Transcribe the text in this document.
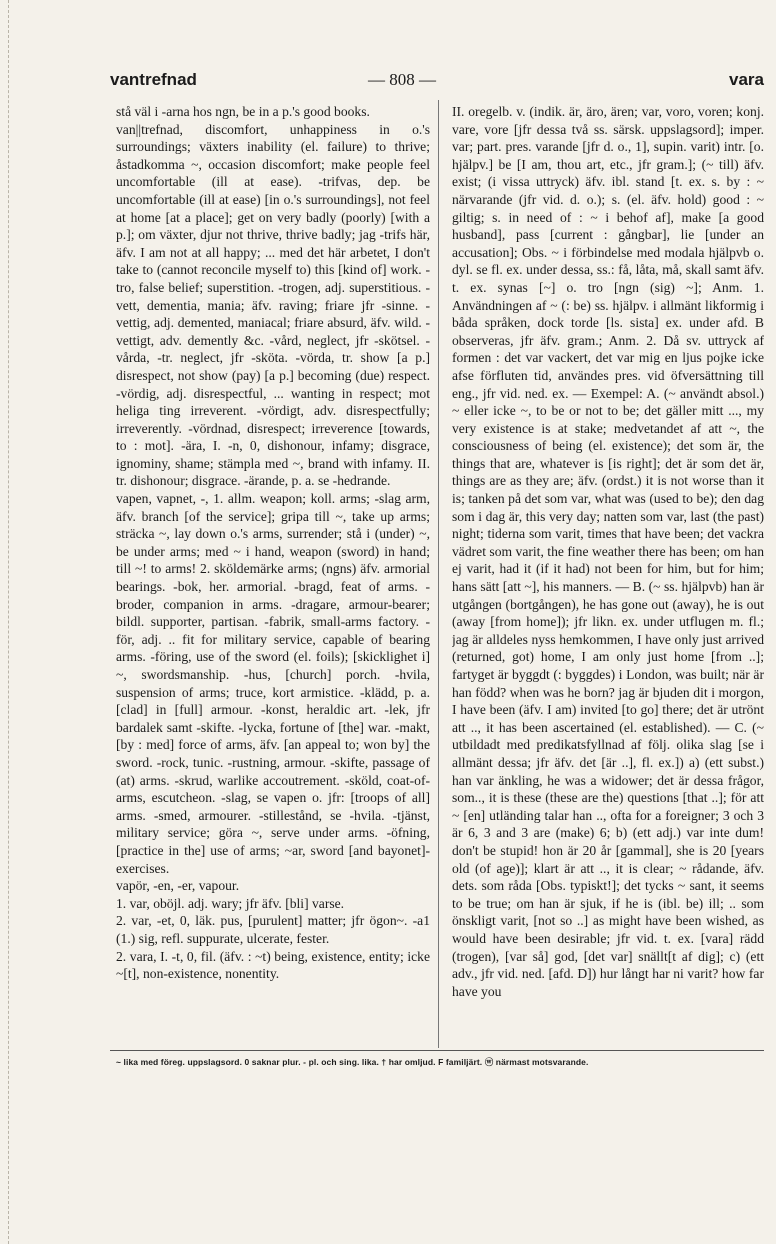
vantrefnad	— 808 —	vara

stå väl i -arna hos ngn, be in a p.'s good books.

van||trefnad, discomfort, unhappiness in o.'s surroundings; växters inability (el. failure) to thrive; åstadkomma ~, occasion discomfort; make people feel uncomfortable (ill at ease). -trifvas, dep. be uncomfortable (ill at ease) [in o.'s surroundings], not feel at home [at a place]; get on very badly (poorly) [with a p.]; om växter, djur not thrive, thrive badly; jag -trifs här, äfv. I am not at all happy; ... med det här arbetet, I don't take to (cannot reconcile myself to) this [kind of] work. -tro, false belief; superstition. -trogen, adj. superstitious. -vett, dementia, mania; äfv. raving; friare jfr -sinne. -vettig, adj. demented, maniacal; friare absurd, äfv. wild. -vettigt, adv. demently &c. -vård, neglect, jfr -skötsel. -vårda, -tr. neglect, jfr -sköta. -vörda, tr. show [a p.] disrespect, not show (pay) [a p.] becoming (due) respect. -vördig, adj. disrespectful, ... wanting in respect; mot heliga ting irreverent. -vördigt, adv. disrespectfully; irreverently. -vördnad, disrespect; irreverence [towards, to : mot]. -ära, I. -n, 0, dishonour, infamy; disgrace, ignominy, shame; stämpla med ~, brand with infamy. II. tr. dishonour; disgrace. -ärande, p. a. se -hedrande.

vapen, vapnet, -, 1. allm. weapon; koll. arms; -slag arm, äfv. branch [of the service]; gripa till ~, take up arms; sträcka ~, lay down o.'s arms, surrender; stå i (under) ~, be under arms; med ~ i hand, weapon (sword) in hand; till ~! to arms! 2. sköldemärke arms; (ngns) äfv. armorial bearings. -bok, her. armorial. -bragd, feat of arms. -broder, companion in arms. -dragare, armour-bearer; bildl. supporter, partisan. -fabrik, small-arms factory. -för, adj. .. fit for military service, capable of bearing arms. -föring, use of the sword (el. foils); [skicklighet i] ~, swordsmanship. -hus, [church] porch. -hvila, suspension of arms; truce, kort armistice. -klädd, p. a. [clad] in [full] armour. -konst, heraldic art. -lek, jfr bardalek samt -skifte. -lycka, fortune of [the] war. -makt, [by : med] force of arms, äfv. [an appeal to; won by] the sword. -rock, tunic. -rustning, armour. -skifte, passage of (at) arms. -skrud, warlike accoutrement. -sköld, coat-of-arms, escutcheon. -slag, se vapen o. jfr: [troops of all] arms. -smed, armourer. -stillestånd, se -hvila. -tjänst, military service; göra ~, serve under arms. -öfning, [practice in the] use of arms; ~ar, sword [and bayonet]-exercises.

vapör, -en, -er, vapour.

1. var, oböjl. adj. wary; jfr äfv. [bli] varse.

2. var, -et, 0, läk. pus, [purulent] matter; jfr ögon~. -a1 (1.) sig, refl. suppurate, ulcerate, fester.

2. vara, I. -t, 0, fil. (äfv. : ~t) being, existence, entity; icke ~[t], non-existence, nonentity.

II. oregelb. v. (indik. är, äro, ären; var, voro, voren; konj. vare, vore [jfr dessa två ss. särsk. uppslagsord]; imper. var; part. pres. varande [jfr d. o., 1], supin. varit) intr. [o. hjälpv.] be [I am, thou art, etc., jfr gram.]; (~ till) äfv. exist; (i vissa uttryck) äfv. ibl. stand [t. ex. s. by : ~ närvarande (jfr vid. d. o.); s. (el. äfv. hold) good : ~ giltig; s. in need of : ~ i behof af], make [a good husband], pass [current : gångbar], lie [under an accusation]; Obs. ~ i förbindelse med modala hjälpvb o. dyl. se fl. ex. under dessa, ss.: få, låta, må, skall samt äfv. t. ex. synas [~] o. tro [ngn (sig) ~]; Anm. 1. Användningen af ~ (: be) ss. hjälpv. i allmänt likformig i båda språken, dock torde [ls. sista] ex. under afd. B observeras, jfr äfv. gram.; Anm. 2. Då sv. uttryck af formen : det var vackert, det var mig en ljus pojke icke afse förfluten tid, användes pres. vid öfversättning till eng., jfr vid. ned. ex. — Exempel: A. (~ användt absol.) ~ eller icke ~, to be or not to be; det gäller mitt ..., my very existence is at stake; medvetandet af att ~, the consciousness of being (el. existence); det som är, the things that are, whatever is [is right]; det är som det är, things are as they are; äfv. (ordst.) it is not worse than it is; tanken på det som var, what was (used to be); den dag som i dag är, this very day; natten som var, last (the past) night; tiderna som varit, times that have been; det vackra vädret som varit, the fine weather there has been; om han ej varit, had it (if it had) not been for him, but for him; hans sätt [att ~], his manners. — B. (~ ss. hjälpvb) han är utgången (bortgången), he has gone out (away), he is out (away [from home]); jfr likn. ex. under utflugen m. fl.; jag är alldeles nyss hemkommen, I have only just arrived (returned, got) home, I am only just home [from ..]; fartyget är byggdt (: byggdes) i London, was built; när är han född? when was he born? jag är bjuden dit i morgon, I have been (äfv. I am) invited [to go] there; det är utrönt att .., it has been ascertained (el. established). — C. (~ utbildadt med predikatsfyllnad af följ. olika slag [se i allmänt dessa; jfr äfv. det [är ..], fl. ex.]) a) (ett subst.) han var änkling, he was a widower; det är dessa frågor, som.., it is these (these are the) questions [that ..]; för att ~ [en] utländing talar han .., ofta for a foreigner; 3 och 3 är 6, 3 and 3 are (make) 6; b) (ett adj.) var inte dum! don't be stupid! hon är 20 år [gammal], she is 20 [years old (of age)]; klart är att .., it is clear; ~ rådande, äfv. dets. som råda [Obs. typiskt!]; det tycks ~ sant, it seems to be true; om han är sjuk, if he is (ibl. be) ill; .. som önskligt varit, [not so ..] as might have been wished, as would have been desirable; jfr vid. t. ex. [vara] rädd (trogen), [var så] god, [det var] snällt[t af dig]; c) (ett adv., jfr vid. ned. [afd. D]) hur långt har ni varit? how far have you

~ lika med föreg. uppslagsord. 0 saknar plur. - pl. och sing. lika. † har omljud. F familjärt. ⓦ närmast motsvarande.
